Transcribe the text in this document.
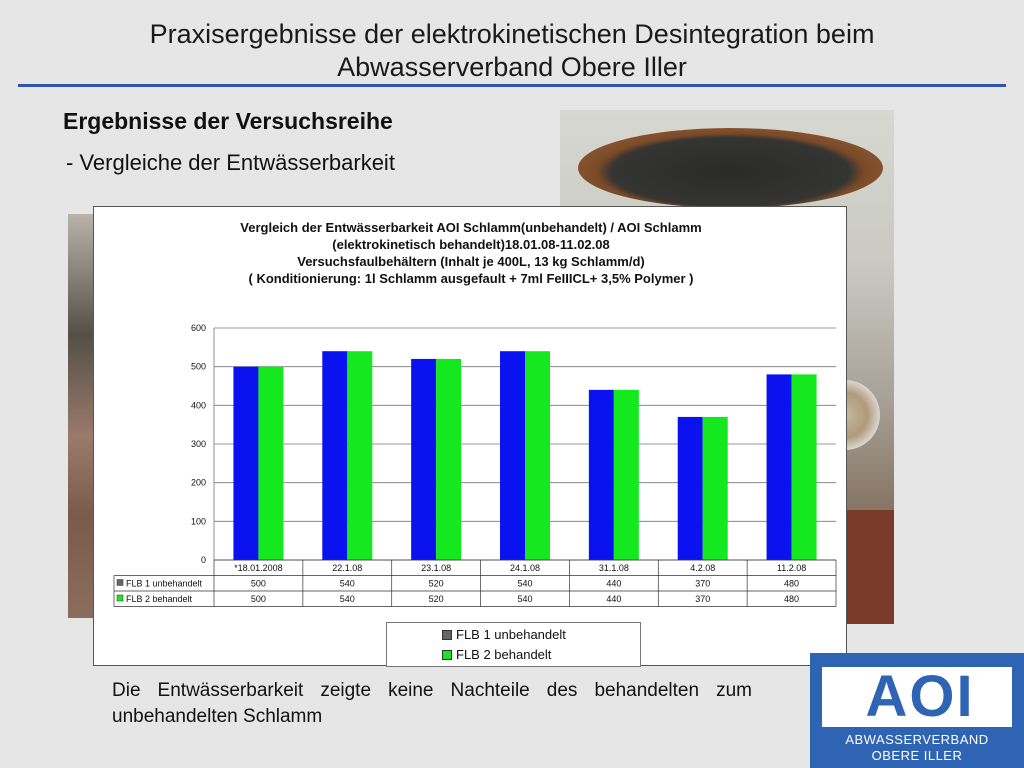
Praxisergebnisse der elektrokinetischen Desintegration beim
Abwasserverband Obere Iller
Ergebnisse der Versuchsreihe
- Vergleiche der Entwässerbarkeit
Vergleich der Entwässerbarkeit AOI Schlamm(unbehandelt) / AOI Schlamm
(elektrokinetisch behandelt)18.01.08-11.02.08
Versuchsfaulbehältern (Inhalt je 400L, 13 kg Schlamm/d)
( Konditionierung: 1l Schlamm ausgefault + 7ml FeIIICL+ 3,5% Polymer )
0
100
200
300
400
500
600
*18.01.2008	22.1.08	23.1.08	24.1.08	31.1.08	4.2.08	11.2.08
FLB 1 unbehandelt	500	540	520	540	440	370	480
FLB 2 behandelt	500	540	520	540	440	370	480
FLB 1 unbehandelt
FLB 2 behandelt
Die Entwässerbarkeit zeigte keine Nachteile des behandelten zum unbehandelten Schlamm	AOI
ABWASSERVERBAND
OBERE ILLER
